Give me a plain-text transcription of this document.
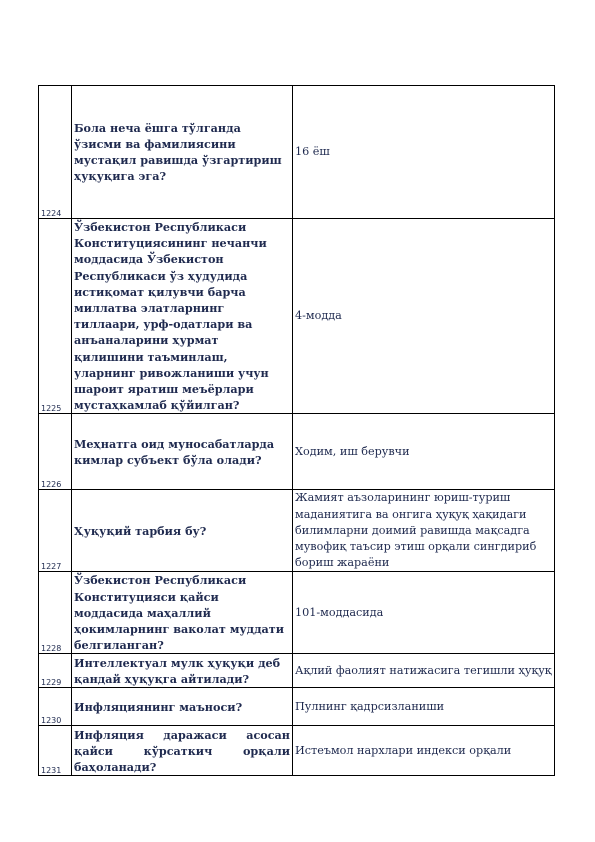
1224	Бола неча ёшга тўлганда ўзисми ва фамилиясини мустақил равишда ўзгартириш ҳуқуқига эга?	16 ёш
1225	Ўзбекистон Республикаси Конституциясининг нечанчи моддасида Ўзбекистон Республикаси ўз ҳудудида истиқомат қилувчи барча миллатва элатларнинг тиллаари, урф-одатлари ва анъаналарини ҳурмат қилишини таъминлаш, уларнинг ривожланиши учун шароит яратиш меъёрлари мустаҳкамлаб қўйилган?	4-модда
1226	Меҳнатга оид муносабатларда кимлар субъект бўла олади?	Ходим, иш берувчи
1227	Ҳуқуқий тарбия бу?	Жамият аъзоларининг юриш-туриш маданиятига ва онгига ҳуқуқ ҳақидаги билимларни доимий равишда мақсадга мувофиқ таъсир этиш орқали сингдириб бориш жараёни
1228	Ўзбекистон Республикаси Конституцияси қайси моддасида маҳаллий ҳокимларнинг ваколат муддати белгиланган?	101-моддасида
1229	Интеллектуал мулк ҳуқуқи деб қандай ҳуқуқга айтилади?	Ақлий фаолият натижасига тегишли ҳуқуқ
1230	Инфляциянинг маъноси?	Пулнинг қадрсизланиши
1231	Инфляция даражаси асосан қайси кўрсаткич орқали баҳоланади?	Истеъмол нархлари индекси орқали
